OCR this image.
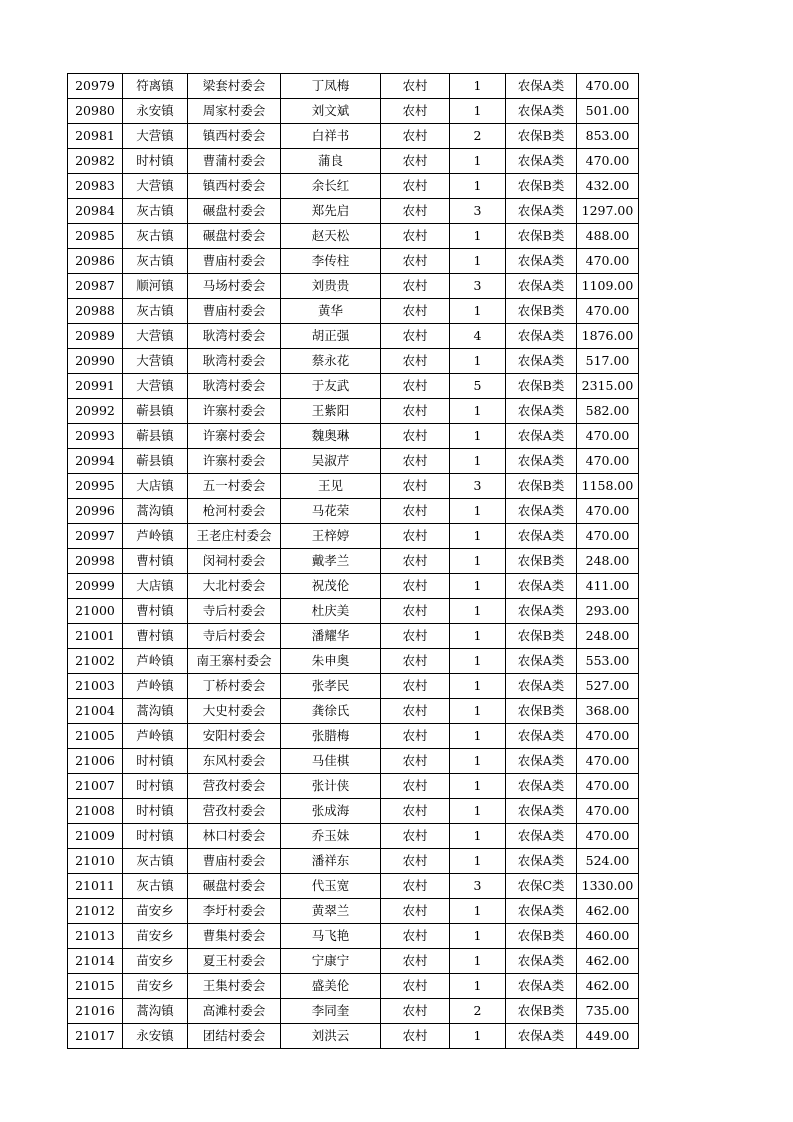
20979	符离镇	梁套村委会	丁凤梅	农村	1	农保A类	470.00
20980	永安镇	周家村委会	刘文斌	农村	1	农保A类	501.00
20981	大营镇	镇西村委会	白祥书	农村	2	农保B类	853.00
20982	时村镇	曹蒲村委会	蒲良	农村	1	农保A类	470.00
20983	大营镇	镇西村委会	余长红	农村	1	农保B类	432.00
20984	灰古镇	碾盘村委会	郑先启	农村	3	农保A类	1297.00
20985	灰古镇	碾盘村委会	赵天松	农村	1	农保B类	488.00
20986	灰古镇	曹庙村委会	李传柱	农村	1	农保A类	470.00
20987	顺河镇	马场村委会	刘贵贵	农村	3	农保A类	1109.00
20988	灰古镇	曹庙村委会	黄华	农村	1	农保B类	470.00
20989	大营镇	耿湾村委会	胡正强	农村	4	农保A类	1876.00
20990	大营镇	耿湾村委会	蔡永花	农村	1	农保A类	517.00
20991	大营镇	耿湾村委会	于友武	农村	5	农保B类	2315.00
20992	蕲县镇	许寨村委会	王紫阳	农村	1	农保A类	582.00
20993	蕲县镇	许寨村委会	魏奥琳	农村	1	农保A类	470.00
20994	蕲县镇	许寨村委会	吴淑芹	农村	1	农保A类	470.00
20995	大店镇	五一村委会	王见	农村	3	农保B类	1158.00
20996	蒿沟镇	枪河村委会	马花荣	农村	1	农保A类	470.00
20997	芦岭镇	王老庄村委会	王梓婷	农村	1	农保A类	470.00
20998	曹村镇	闵祠村委会	戴孝兰	农村	1	农保B类	248.00
20999	大店镇	大北村委会	祝茂伦	农村	1	农保A类	411.00
21000	曹村镇	寺后村委会	杜庆美	农村	1	农保A类	293.00
21001	曹村镇	寺后村委会	潘耀华	农村	1	农保B类	248.00
21002	芦岭镇	南王寨村委会	朱申奥	农村	1	农保A类	553.00
21003	芦岭镇	丁桥村委会	张孝民	农村	1	农保A类	527.00
21004	蒿沟镇	大史村委会	龚徐氏	农村	1	农保B类	368.00
21005	芦岭镇	安阳村委会	张腊梅	农村	1	农保A类	470.00
21006	时村镇	东风村委会	马佳棋	农村	1	农保A类	470.00
21007	时村镇	营孜村委会	张计侠	农村	1	农保A类	470.00
21008	时村镇	营孜村委会	张成海	农村	1	农保A类	470.00
21009	时村镇	林口村委会	乔玉妹	农村	1	农保A类	470.00
21010	灰古镇	曹庙村委会	潘祥东	农村	1	农保A类	524.00
21011	灰古镇	碾盘村委会	代玉宽	农村	3	农保C类	1330.00
21012	苗安乡	李圩村委会	黄翠兰	农村	1	农保A类	462.00
21013	苗安乡	曹集村委会	马飞艳	农村	1	农保B类	460.00
21014	苗安乡	夏王村委会	宁康宁	农村	1	农保A类	462.00
21015	苗安乡	王集村委会	盛美伦	农村	1	农保A类	462.00
21016	蒿沟镇	高滩村委会	李同奎	农村	2	农保B类	735.00
21017	永安镇	团结村委会	刘洪云	农村	1	农保A类	449.00
